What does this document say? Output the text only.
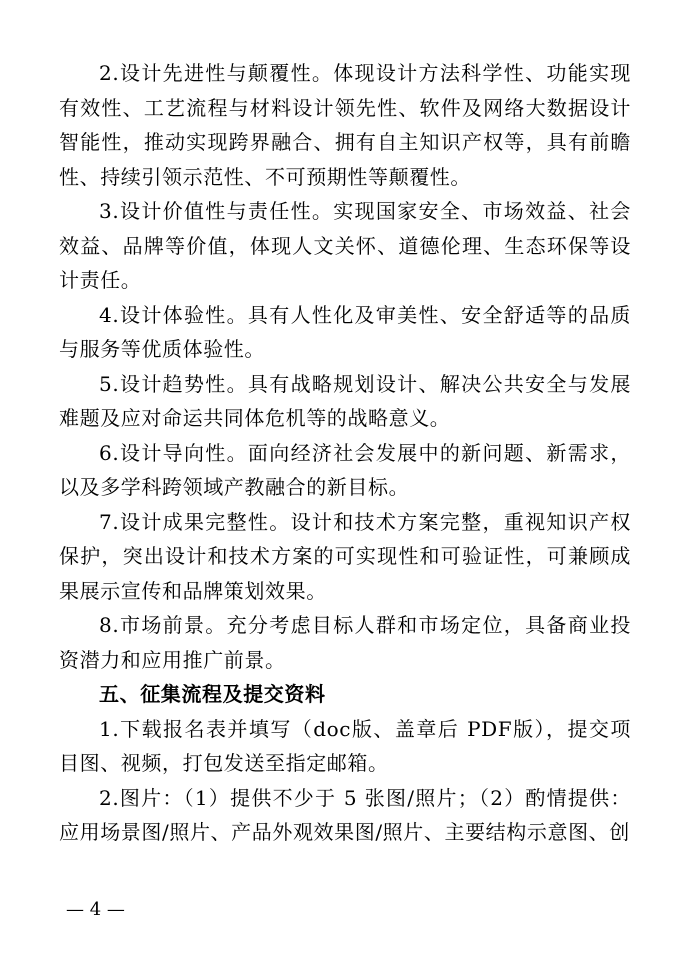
2.设计先进性与颠覆性。体现设计方法科学性、功能实现有效性、工艺流程与材料设计领先性、软件及网络大数据设计智能性，推动实现跨界融合、拥有自主知识产权等，具有前瞻性、持续引领示范性、不可预期性等颠覆性。

3.设计价值性与责任性。实现国家安全、市场效益、社会效益、品牌等价值，体现人文关怀、道德伦理、生态环保等设计责任。

4.设计体验性。具有人性化及审美性、安全舒适等的品质与服务等优质体验性。

5.设计趋势性。具有战略规划设计、解决公共安全与发展难题及应对命运共同体危机等的战略意义。

6.设计导向性。面向经济社会发展中的新问题、新需求，以及多学科跨领域产教融合的新目标。

7.设计成果完整性。设计和技术方案完整，重视知识产权保护，突出设计和技术方案的可实现性和可验证性，可兼顾成果展示宣传和品牌策划效果。

8.市场前景。充分考虑目标人群和市场定位，具备商业投资潜力和应用推广前景。

五、征集流程及提交资料

1.下载报名表并填写（doc版、盖章后 PDF版），提交项目图、视频，打包发送至指定邮箱。

2.图片：（1）提供不少于 5 张图/照片；（2）酌情提供：应用场景图/照片、产品外观效果图/照片、主要结构示意图、创

— 4 —
